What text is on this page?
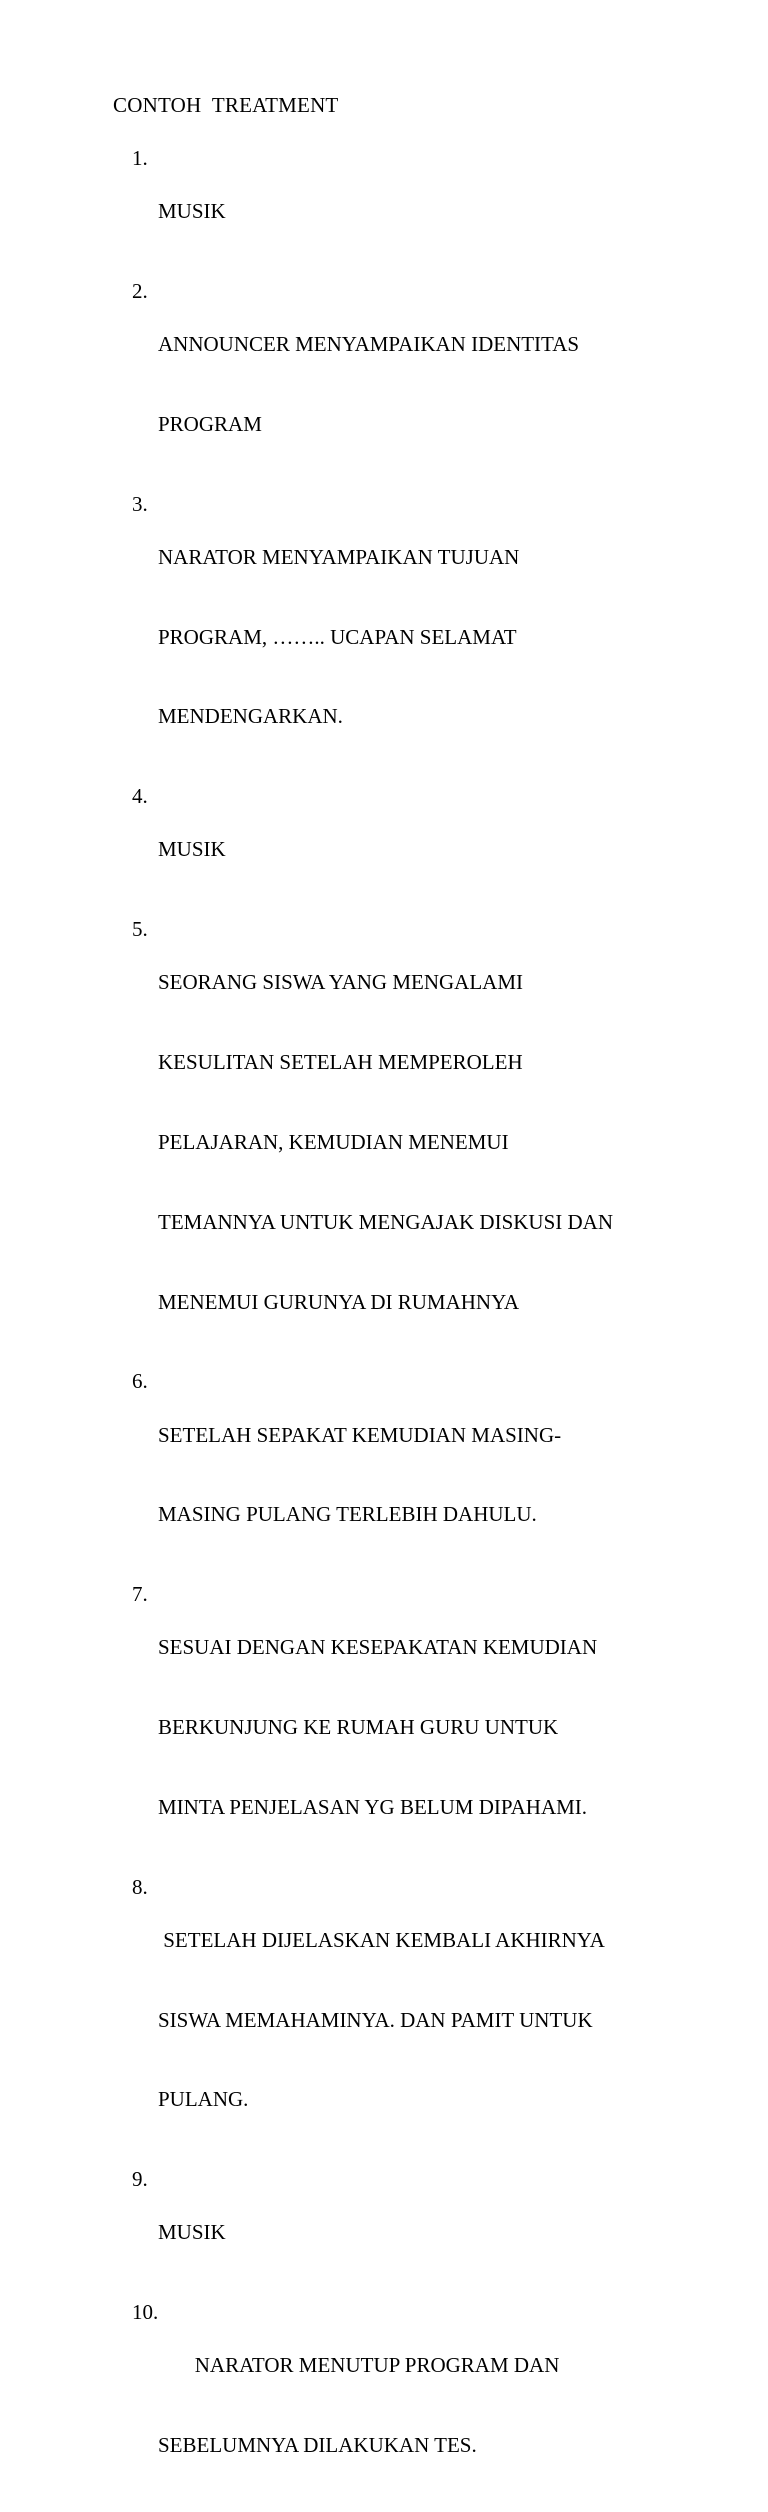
CONTOH  TREATMENT
1.

MUSIK

2.

ANNOUNCER MENYAMPAIKAN IDENTITAS

PROGRAM

3.

NARATOR MENYAMPAIKAN TUJUAN

PROGRAM, …….. UCAPAN SELAMAT

MENDENGARKAN.

4.

MUSIK

5.

SEORANG SISWA YANG MENGALAMI

KESULITAN SETELAH MEMPEROLEH

PELAJARAN, KEMUDIAN MENEMUI

TEMANNYA UNTUK MENGAJAK DISKUSI DAN

MENEMUI GURUNYA DI RUMAHNYA

6.

SETELAH SEPAKAT KEMUDIAN MASING-

MASING PULANG TERLEBIH DAHULU.

7.

SESUAI DENGAN KESEPAKATAN KEMUDIAN

BERKUNJUNG KE RUMAH GURU UNTUK

MINTA PENJELASAN YG BELUM DIPAHAMI.

8.

SETELAH DIJELASKAN KEMBALI AKHIRNYA

SISWA MEMAHAMINYA. DAN PAMIT UNTUK

PULANG.

9.

MUSIK

10.

NARATOR MENUTUP PROGRAM DAN

SEBELUMNYA DILAKUKAN TES.
